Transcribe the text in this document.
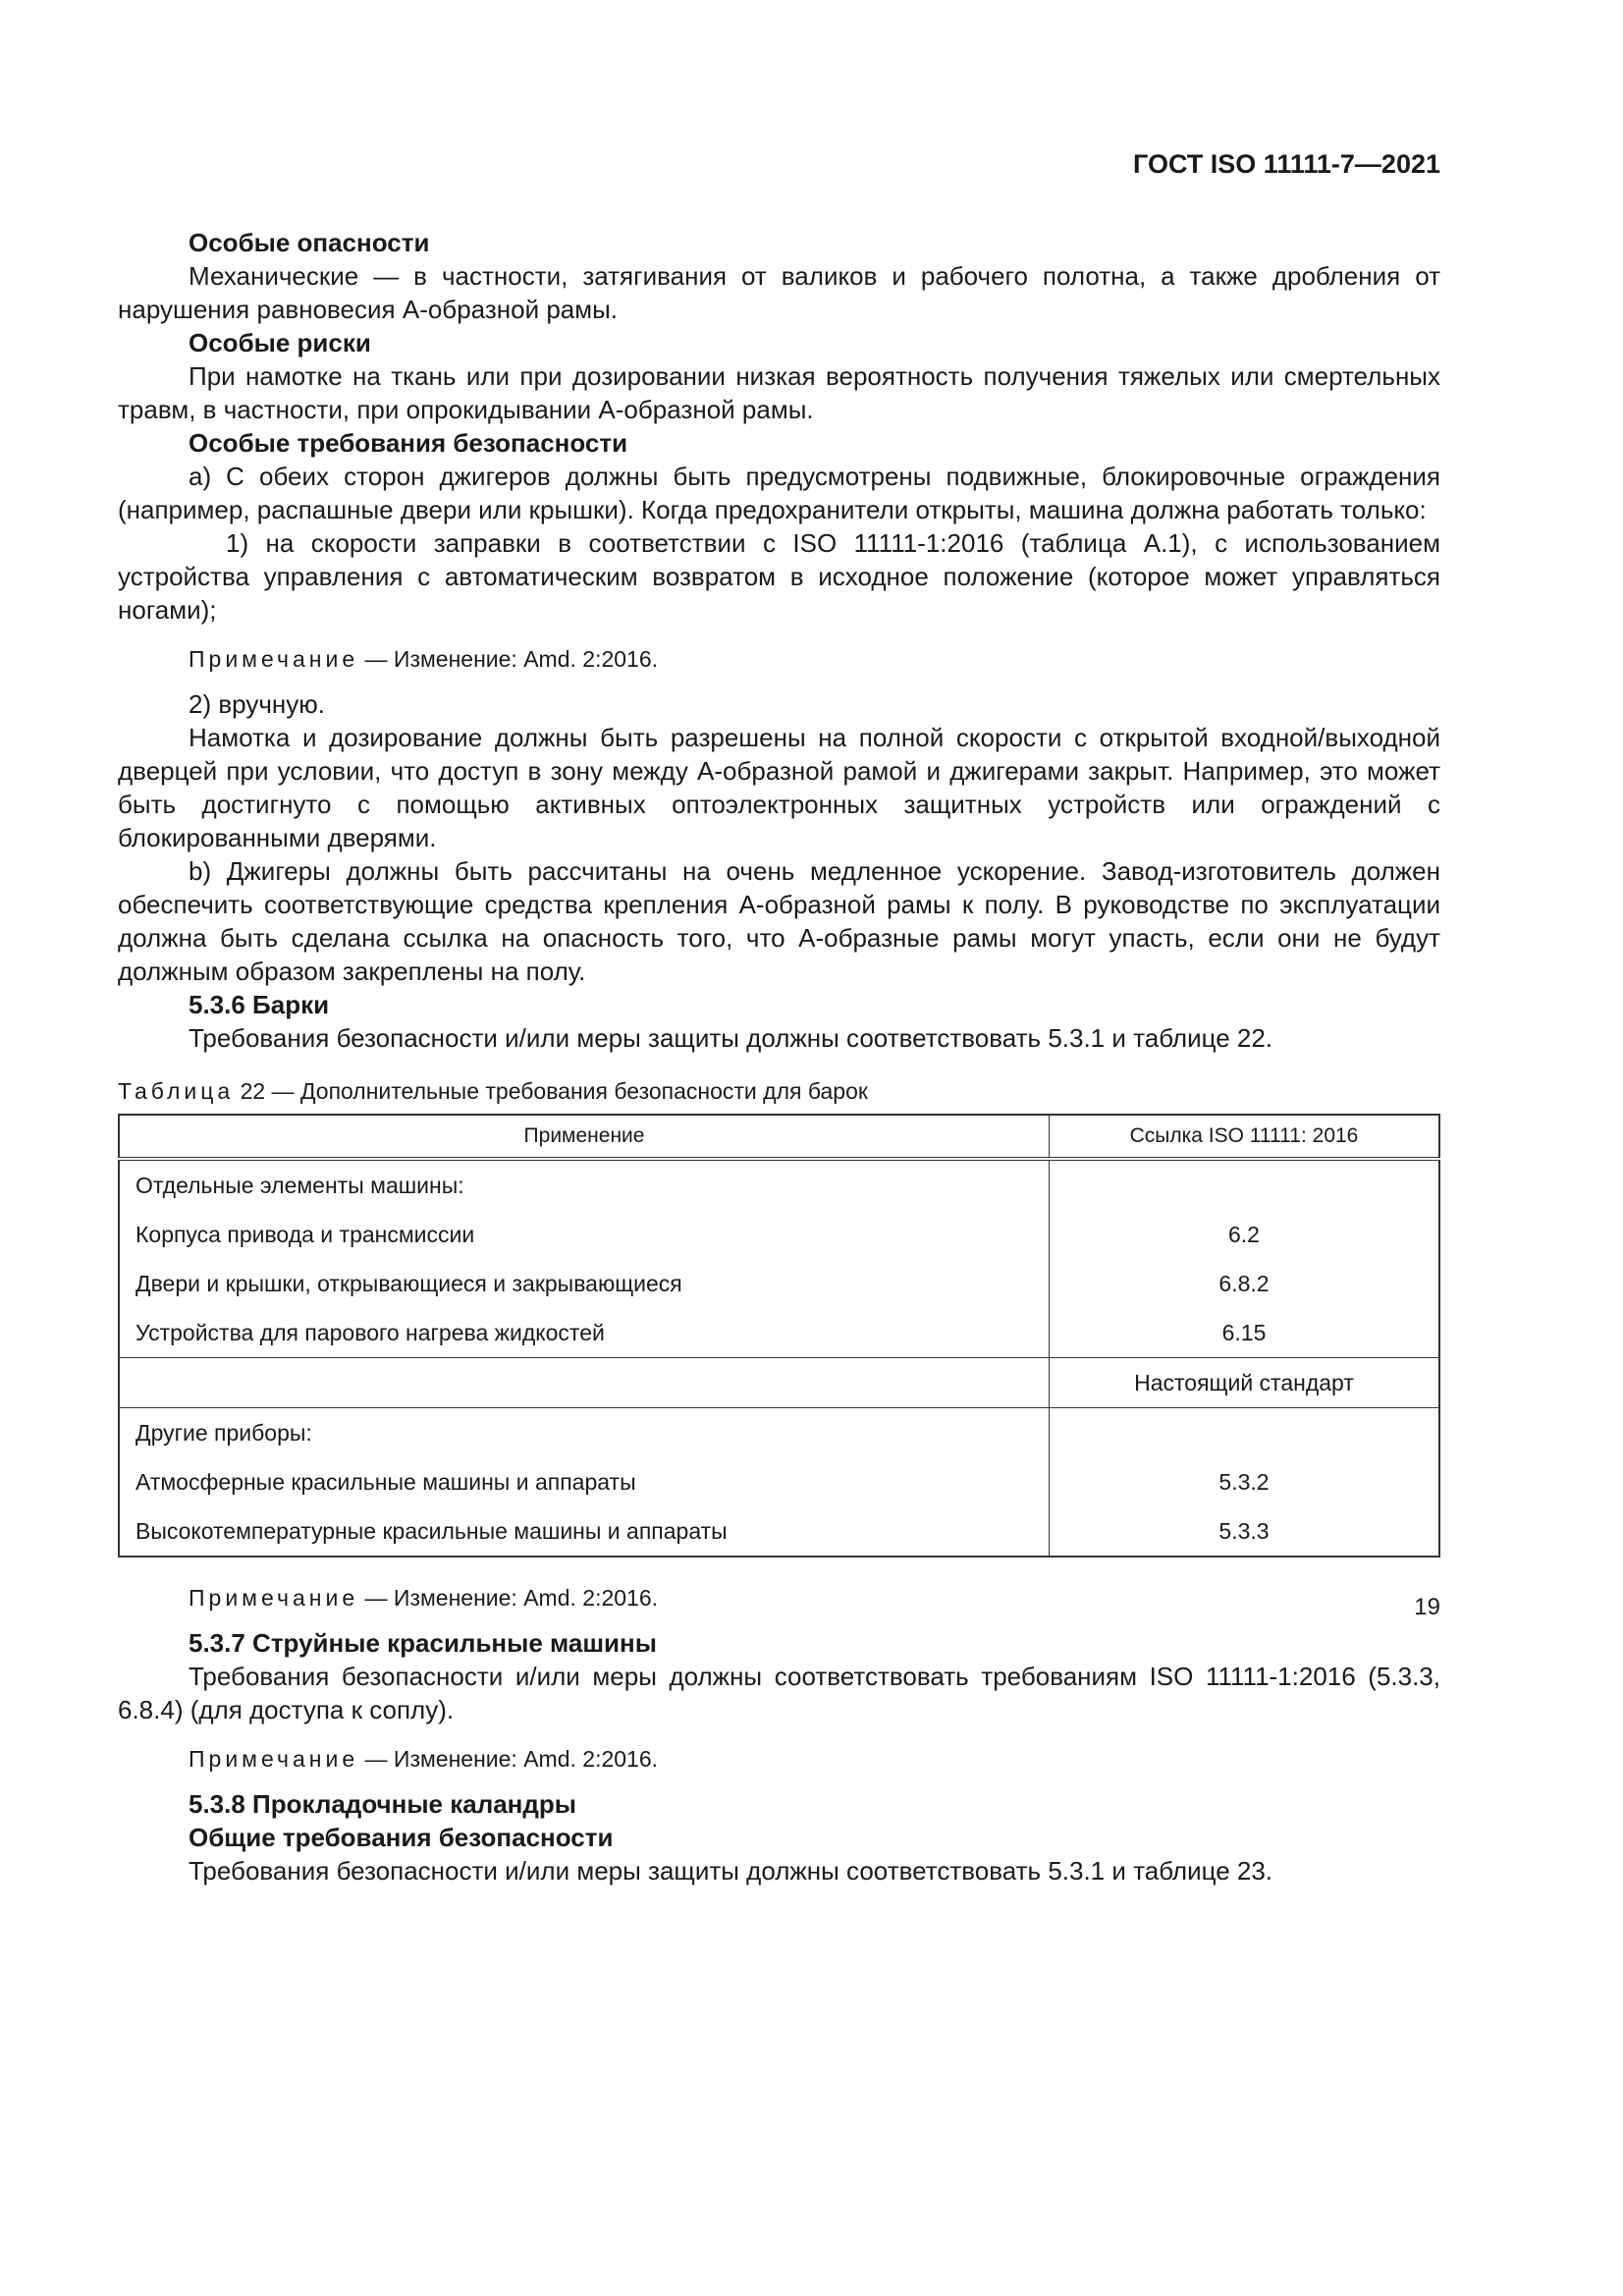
ГОСТ ISO 11111-7—2021

Особые опасности

Механические — в частности, затягивания от валиков и рабочего полотна, а также дробления от нарушения равновесия А-образной рамы.

Особые риски

При намотке на ткань или при дозировании низкая вероятность получения тяжелых или смертельных травм, в частности, при опрокидывании А-образной рамы.

Особые требования безопасности

a) С обеих сторон джигеров должны быть предусмотрены подвижные, блокировочные ограждения (например, распашные двери или крышки). Когда предохранители открыты, машина должна работать только:

1) на скорости заправки в соответствии с ISO 11111-1:2016 (таблица А.1), с использованием устройства управления с автоматическим возвратом в исходное положение (которое может управляться ногами);

Примечание — Изменение: Amd. 2:2016.

2) вручную.

Намотка и дозирование должны быть разрешены на полной скорости с открытой входной/выходной дверцей при условии, что доступ в зону между А-образной рамой и джигерами закрыт. Например, это может быть достигнуто с помощью активных оптоэлектронных защитных устройств или ограждений с блокированными дверями.

b) Джигеры должны быть рассчитаны на очень медленное ускорение. Завод-изготовитель должен обеспечить соответствующие средства крепления А-образной рамы к полу. В руководстве по эксплуатации должна быть сделана ссылка на опасность того, что А-образные рамы могут упасть, если они не будут должным образом закреплены на полу.

5.3.6 Барки

Требования безопасности и/или меры защиты должны соответствовать 5.3.1 и таблице 22.

Таблица 22 — Дополнительные требования безопасности для барок

Применение	Ссылка ISO 11111: 2016
Отдельные элементы машины:	
Корпуса привода и трансмиссии	6.2
Двери и крышки, открывающиеся и закрывающиеся	6.8.2
Устройства для парового нагрева жидкостей	6.15
	Настоящий стандарт
Другие приборы:	
Атмосферные красильные машины и аппараты	5.3.2
Высокотемпературные красильные машины и аппараты	5.3.3

Примечание — Изменение: Amd. 2:2016.

5.3.7 Струйные красильные машины

Требования безопасности и/или меры должны соответствовать требованиям ISO 11111-1:2016 (5.3.3, 6.8.4) (для доступа к соплу).

Примечание — Изменение: Amd. 2:2016.

5.3.8 Прокладочные каландры

Общие требования безопасности

Требования безопасности и/или меры защиты должны соответствовать 5.3.1 и таблице 23.

19
